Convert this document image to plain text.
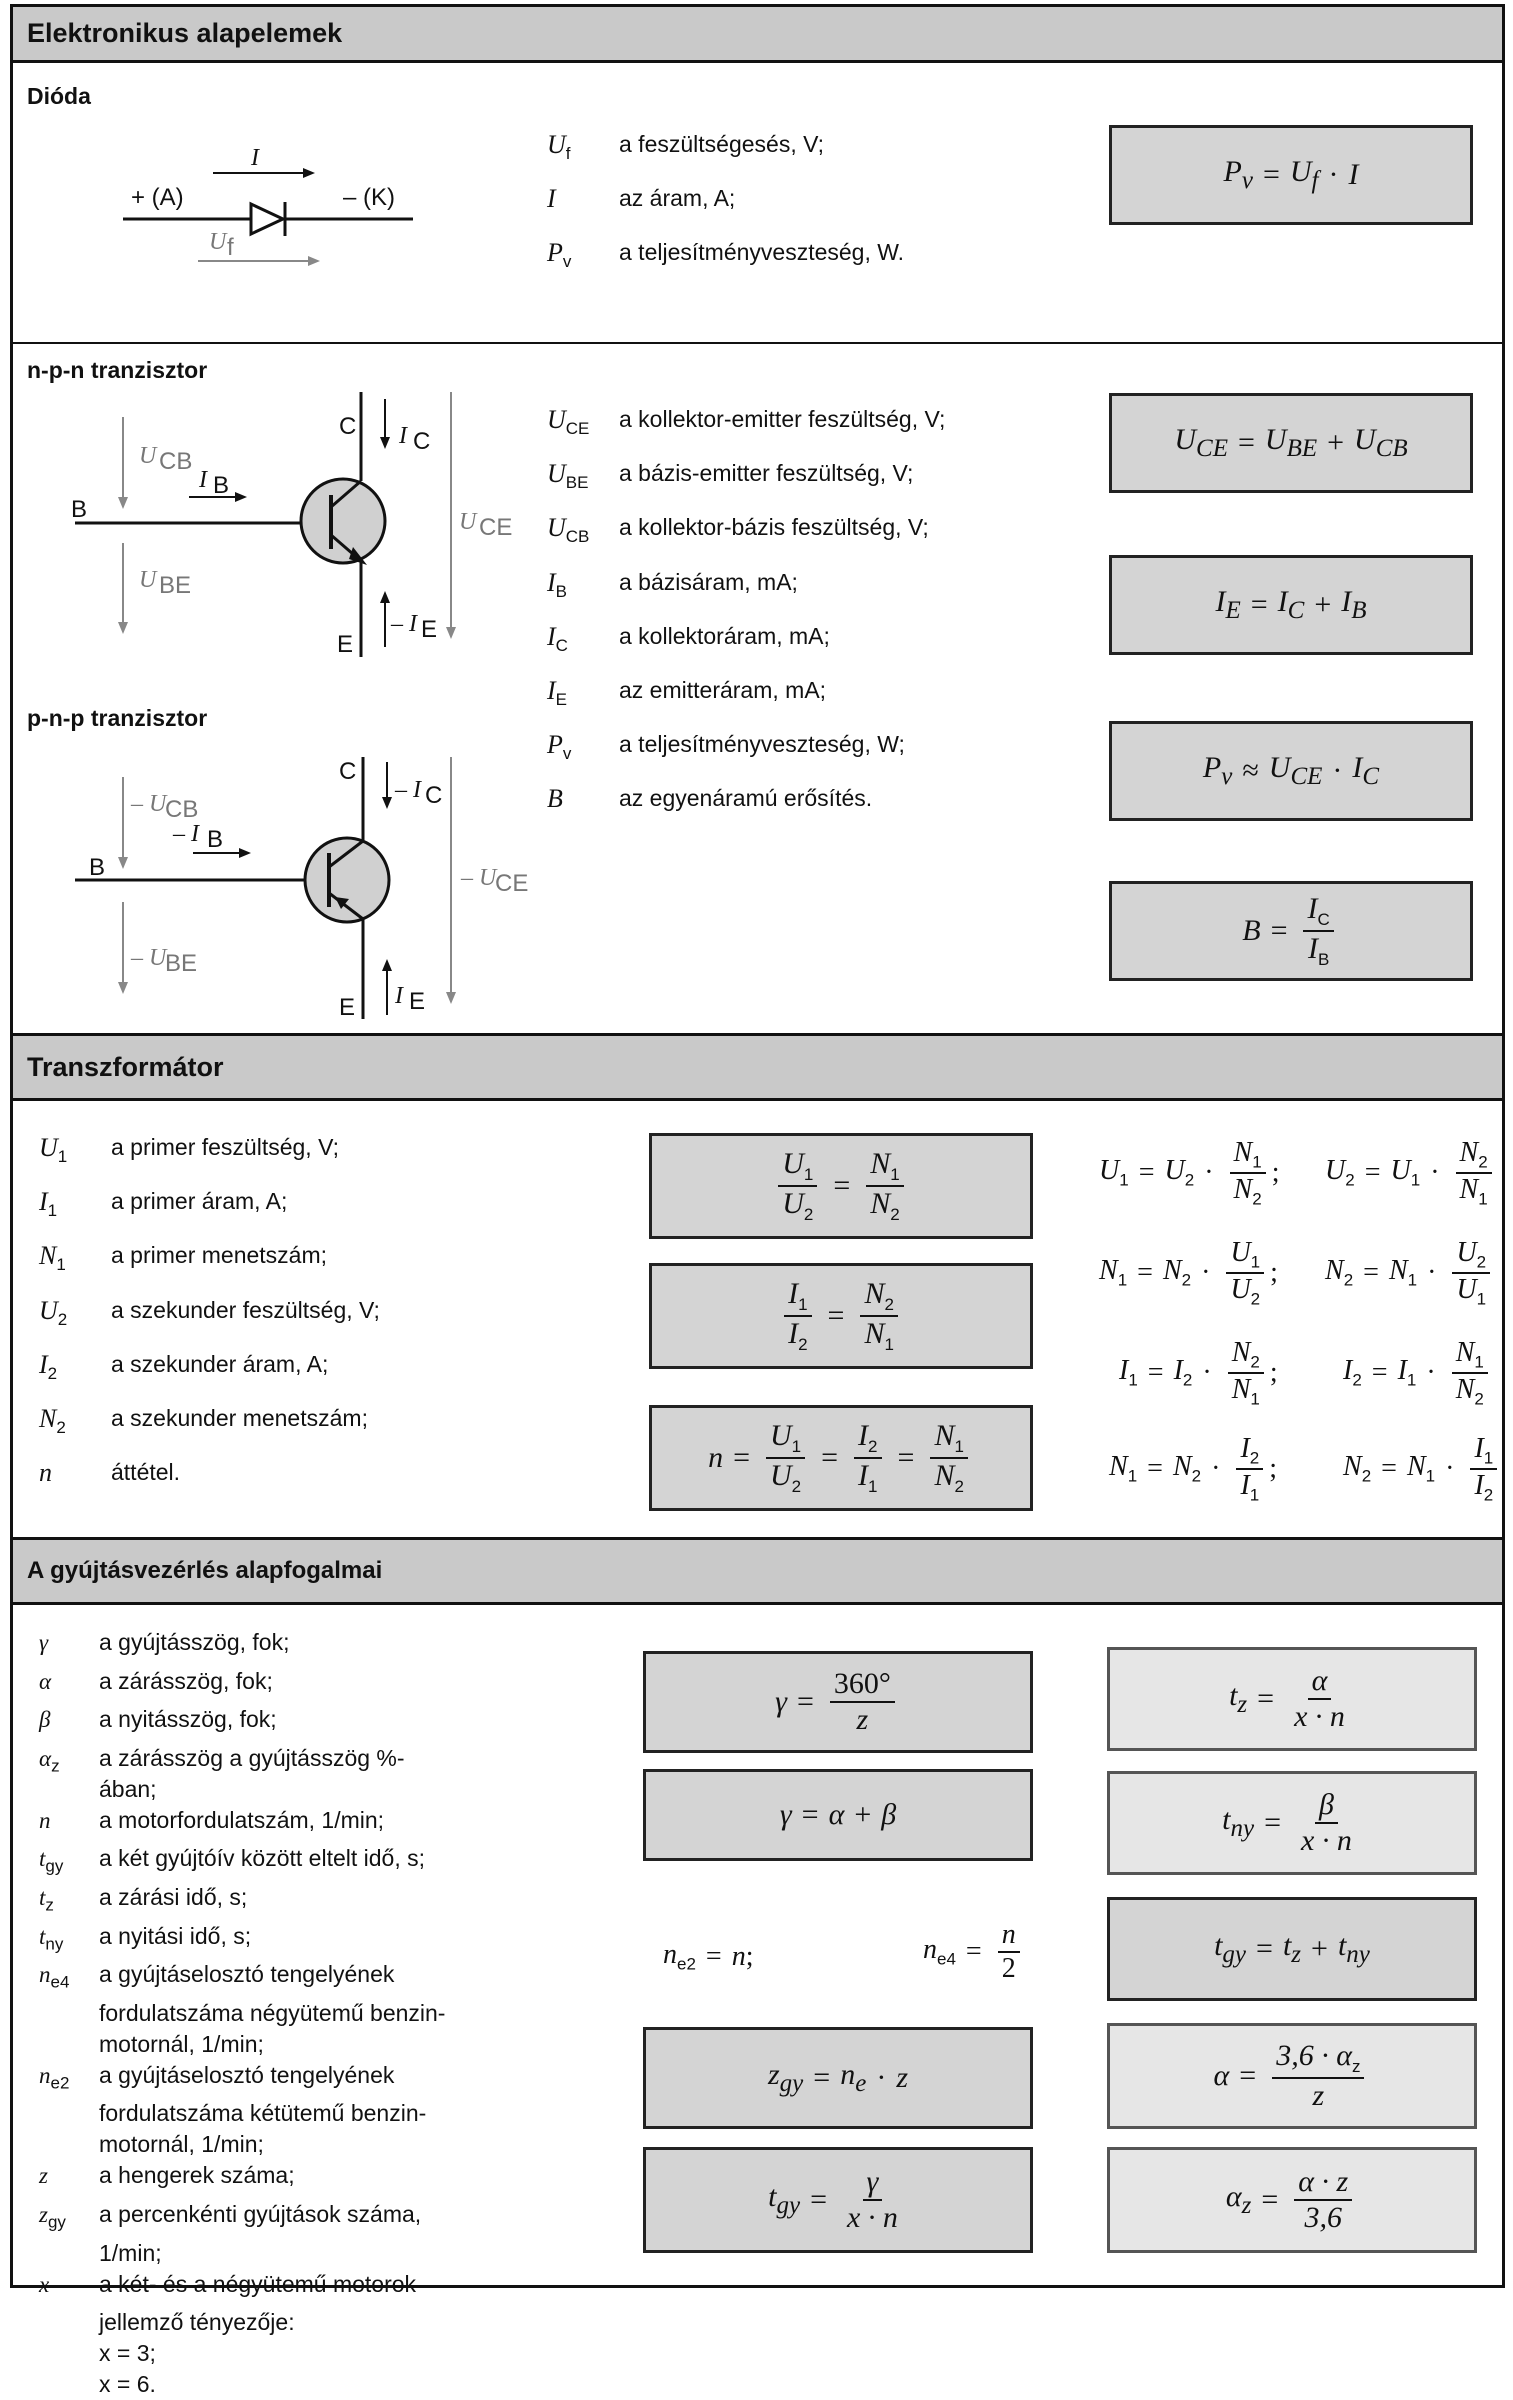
Elektronikus alapelemek
Dióda
+ (A)	– (K)
I
U f
$U_f$	a feszültségesés, V;
I	az áram, A;
$P_v$	a teljesítményveszteség, W.
$P_v = U_f \cdot I$
n-p-n tranzisztor
C
B
E
I C
I B
– I E
U CB
U BE
U CE
C
B
E
– I C
– I B
I E
– U
CB
– U
BE
– U
CE
p-n-p tranzisztor
$U_{CE}$	a kollektor-emitter feszültség, V;
$U_{BE}$	a bázis-emitter feszültség, V;
$U_{CB}$	a kollektor-bázis feszültség, V;
$I_B$	a bázisáram, mA;
$I_C$	a kollektoráram, mA;
$I_E$	az emitteráram, mA;
$P_v$	a teljesítményveszteség, W;
B	az egyenáramú erősítés.
$U_{CE} = U_{BE} + U_{CB}$
$I_E = I_C + I_B$
$P_v \approx U_{CE} \cdot I_C$
$B = \frac{I_C}{I_B}$
Transzformátor
$U_1$	a primer feszültség, V;
$I_1$	a primer áram, A;
$N_1$	a primer menetszám;
$U_2$	a szekunder feszültség, V;
$I_2$	a szekunder áram, A;
$N_2$	a szekunder menetszám;
n	áttétel.
$\frac{U_1}{U_2} = \frac{N_1}{N_2}$
$\frac{I_1}{I_2} = \frac{N_2}{N_1}$
$n = \frac{U_1}{U_2} = \frac{I_2}{I_1} = \frac{N_1}{N_2}$
$U_1 = U_2 \cdot \frac{N_1}{N_2}$ ; $U_2 = U_1 \cdot \frac{N_2}{N_1}$
$N_1 = N_2 \cdot \frac{U_1}{U_2}$ ; $N_2 = N_1 \cdot \frac{U_2}{U_1}$
$I_1 = I_2 \cdot \frac{N_2}{N_1}$ ; $I_2 = I_1 \cdot \frac{N_1}{N_2}$
$N_1 = N_2 \cdot \frac{I_2}{I_1}$ ; $N_2 = N_1 \cdot \frac{I_1}{I_2}$
A gyújtásvezérlés alapfogalmai
γ	a gyújtásszög, fok;
α	a zárásszög, fok;
β	a nyitásszög, fok;
$\alpha_z$	a zárásszög a gyújtásszög %-ában;
n	a motorfordulatszám, 1/min;
$t_{gy}$	a két gyújtóív között eltelt idő, s;
$t_z$	a zárási idő, s;
$t_{ny}$	a nyitási idő, s;
$n_{e4}$	a gyújtáselosztó tengelyének
fordulatszáma négyütemű benzin-
motornál, 1/min;
$n_{e2}$	a gyújtáselosztó tengelyének
fordulatszáma kétütemű benzin-
motornál, 1/min;
z	a hengerek száma;
$z_{gy}$	a percenkénti gyújtások száma,
1/min;
x	a két- és a négyütemű motorok
jellemző tényezője:
x = 3;
x = 6.
$\gamma = \frac{360^\circ}{z}$
γ = α + β
$n_{e2} = n$ ;	$n_{e4} = \frac{n}{2}$
$z_{gy} = n_e \cdot z$
$t_{gy} = \frac{\gamma}{x \cdot n}$
$t_z = \frac{\alpha}{x \cdot n}$
$t_{ny} = \frac{\beta}{x \cdot n}$
$t_{gy} = t_z + t_{ny}$
$\alpha = \frac{3,6 \cdot \alpha_z}{z}$
$\alpha_z = \frac{\alpha \cdot z}{3,6}$
